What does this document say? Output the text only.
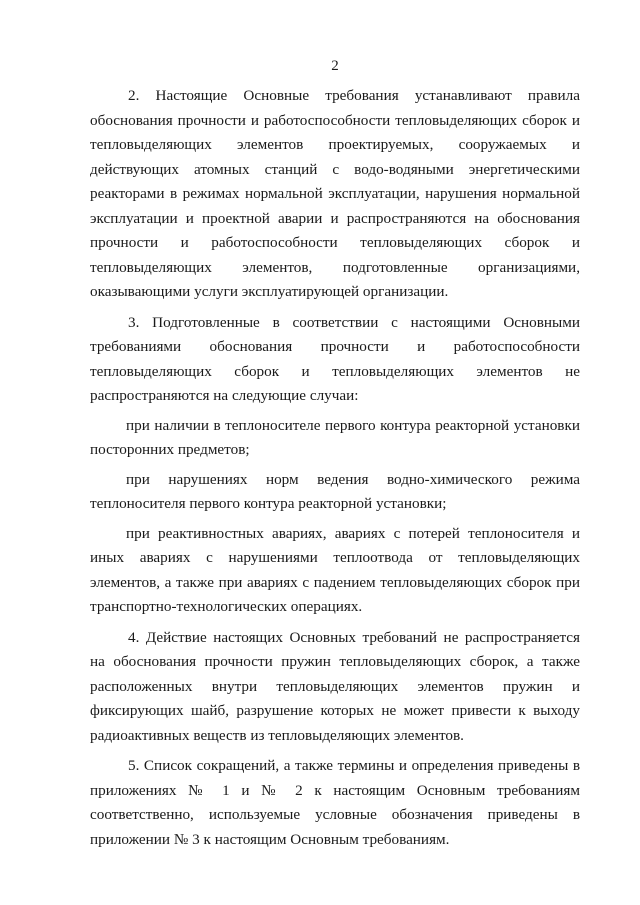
2

2. Настоящие Основные требования устанавливают правила обоснования прочности и работоспособности тепловыделяющих сборок и тепловыделяющих элементов проектируемых, сооружаемых и действующих атомных станций с водо-водяными энергетическими реакторами в режимах нормальной эксплуатации, нарушения нормальной эксплуатации и проектной аварии и распространяются на обоснования прочности и работоспособности тепловыделяющих сборок и тепловыделяющих элементов, подготовленные организациями, оказывающими услуги эксплуатирующей организации.

3. Подготовленные в соответствии с настоящими Основными требованиями обоснования прочности и работоспособности тепловыделяющих сборок и тепловыделяющих элементов не распространяются на следующие случаи:

при наличии в теплоносителе первого контура реакторной установки посторонних предметов;

при нарушениях норм ведения водно-химического режима теплоносителя первого контура реакторной установки;

при реактивностных авариях, авариях с потерей теплоносителя и иных авариях с нарушениями теплоотвода от тепловыделяющих элементов, а также при авариях с падением тепловыделяющих сборок при транспортно-технологических операциях.

4. Действие настоящих Основных требований не распространяется на обоснования прочности пружин тепловыделяющих сборок, а также расположенных внутри тепловыделяющих элементов пружин и фиксирующих шайб, разрушение которых не может привести к выходу радиоактивных веществ из тепловыделяющих элементов.

5. Список сокращений, а также термины и определения приведены в приложениях № 1 и № 2 к настоящим Основным требованиям соответственно, используемые условные обозначения приведены в приложении № 3 к настоящим Основным требованиям.
